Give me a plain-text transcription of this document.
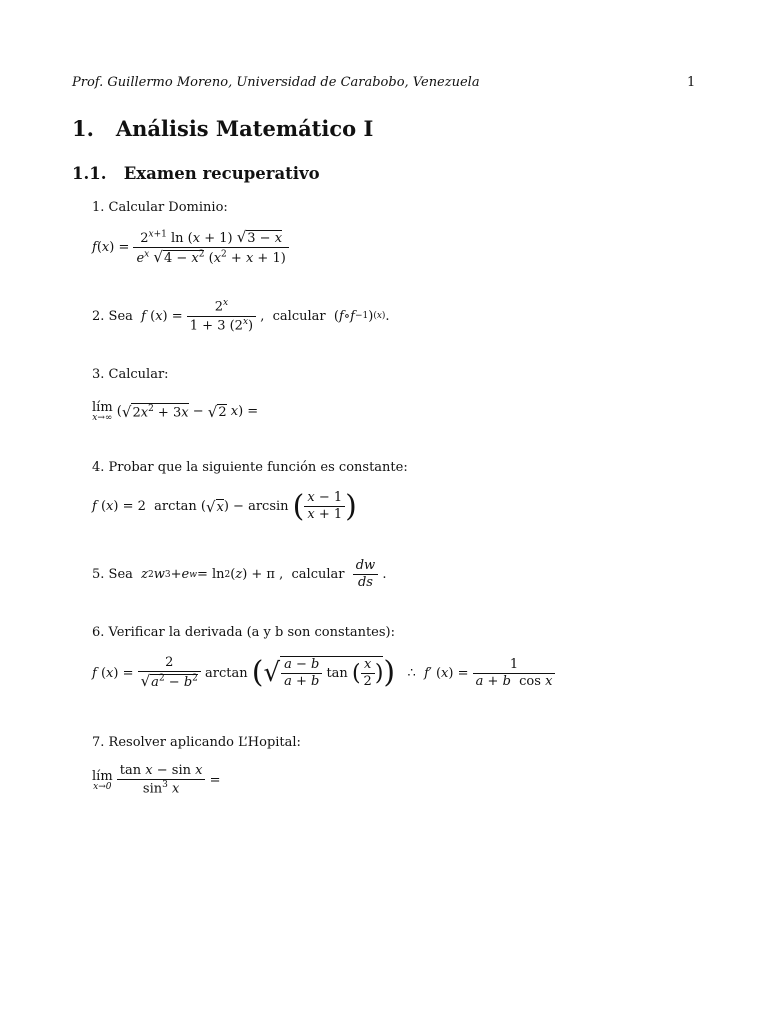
Prof. Guillermo Moreno, Universidad de Carabobo, Venezuela	1
1. Análisis Matemático I
1.1. Examen recuperativo
1. Calcular Dominio:
f ( x ) = $\frac{2^{x+1} \ln (x + 1) √3 - x}{e^x √4 - x^2 (x^2 + x + 1)}$
2. Sea
f ( x ) = $\frac{2^x}{1 + 3 (2^x)}$ , calcular ( f ∘ f −1 ) (x) .
3. Calcular:
lím
x→∞ ( √ $2x^2 + 3x$ − √ 2
x ) =
4. Probar que la siguiente función es constante:
f ( x ) = 2  arctan ( √ x ) − arcsin ( $\frac{x - 1}{x + 1}$ )
5. Sea
z 2 w 3 + e w = ln 2 ( z ) + π , calcular
$\frac{dw}{ds}$ .
6. Verificar la derivada (a y b son constantes):
f ( x ) = $\frac{2}{√a^2 - b^2}$ arctan ( √ $\frac{a - b}{a + b}$ tan ( $\frac{x}{2}$ ) ) ∴ f ′ ( x ) = $\frac{1}{\text{a + b  cos x}}$
7. Resolver aplicando L’Hopital:
lím
x→0
$\frac{\text{tan x − sin x}}{\sin^3 x}$ =
